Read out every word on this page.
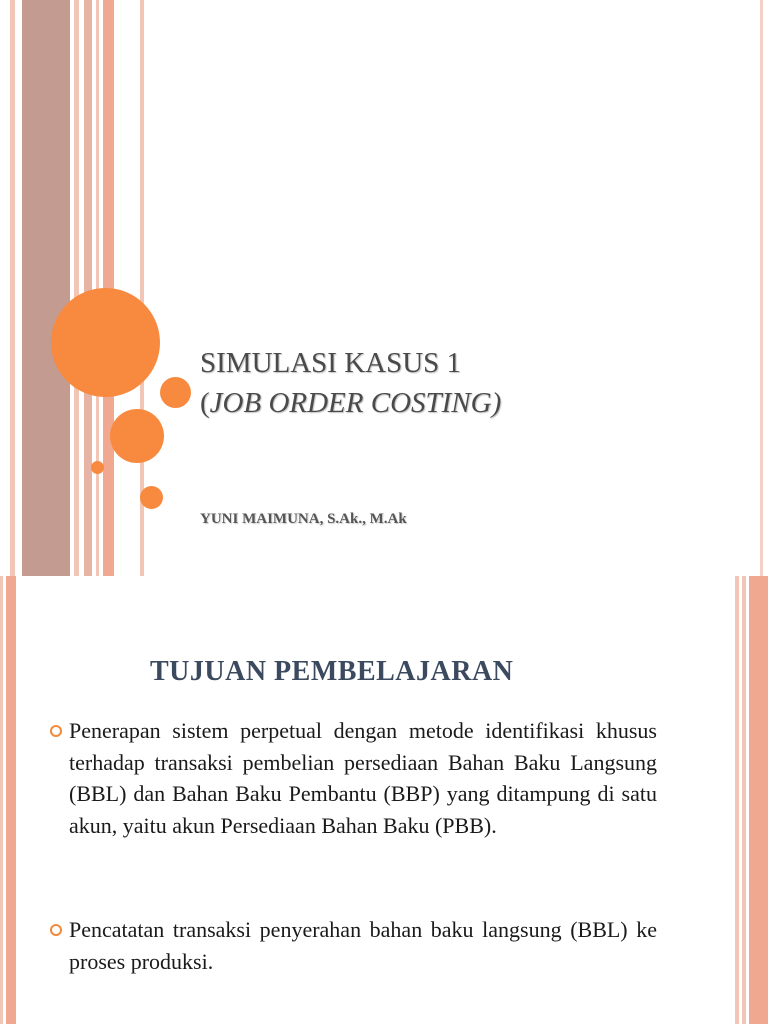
SIMULASI KASUS 1
(JOB ORDER COSTING)
YUNI MAIMUNA, S.Ak., M.Ak
TUJUAN PEMBELAJARAN
Penerapan sistem perpetual dengan metode identifikasi khusus terhadap transaksi pembelian persediaan Bahan Baku Langsung (BBL) dan Bahan Baku Pembantu (BBP) yang ditampung di satu akun, yaitu akun Persediaan Bahan Baku (PBB).
Pencatatan transaksi penyerahan bahan baku langsung (BBL) ke proses produksi.
